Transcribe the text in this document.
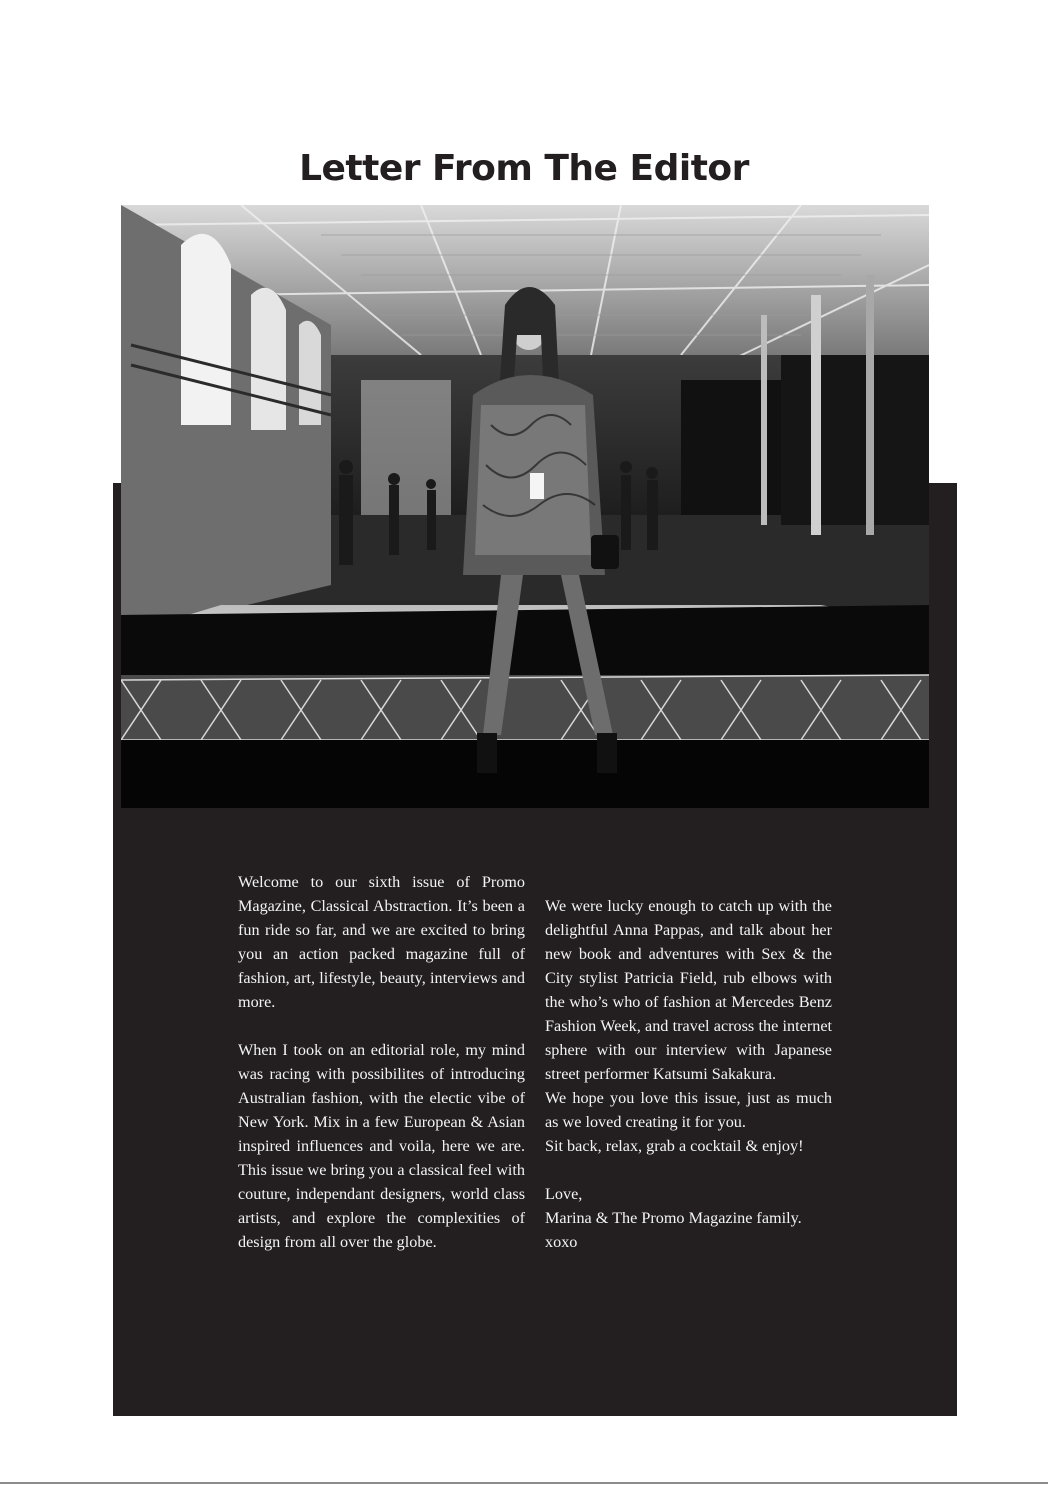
Letter From The Editor

Welcome to our sixth issue of Promo Magazine, Classical Abstraction. It’s been a fun ride so far, and we are excited to bring you an action packed magazine full of fashion, art, lifestyle, beauty, interviews and more.

When I took on an editorial role, my mind was racing with possibilites of introducing Australian fashion, with the electic vibe of New York. Mix in a few European & Asian inspired influences and voila, here we are. This issue we bring you a classical feel with couture, independant designers, world class artists, and explore the complexities of design from all over the globe.

We were lucky enough to catch up with the delightful Anna Pappas, and talk about her new book and adventures with Sex & the City stylist Patricia Field, rub elbows with the who’s who of fashion at Mercedes Benz Fashion Week, and travel across the internet sphere with our interview with Japanese street performer Katsumi Sakakura.

We hope you love this issue, just as much as we loved creating it for you.

Sit back, relax, grab a cocktail & enjoy!

Love,

Marina & The Promo Magazine family.

xoxo
